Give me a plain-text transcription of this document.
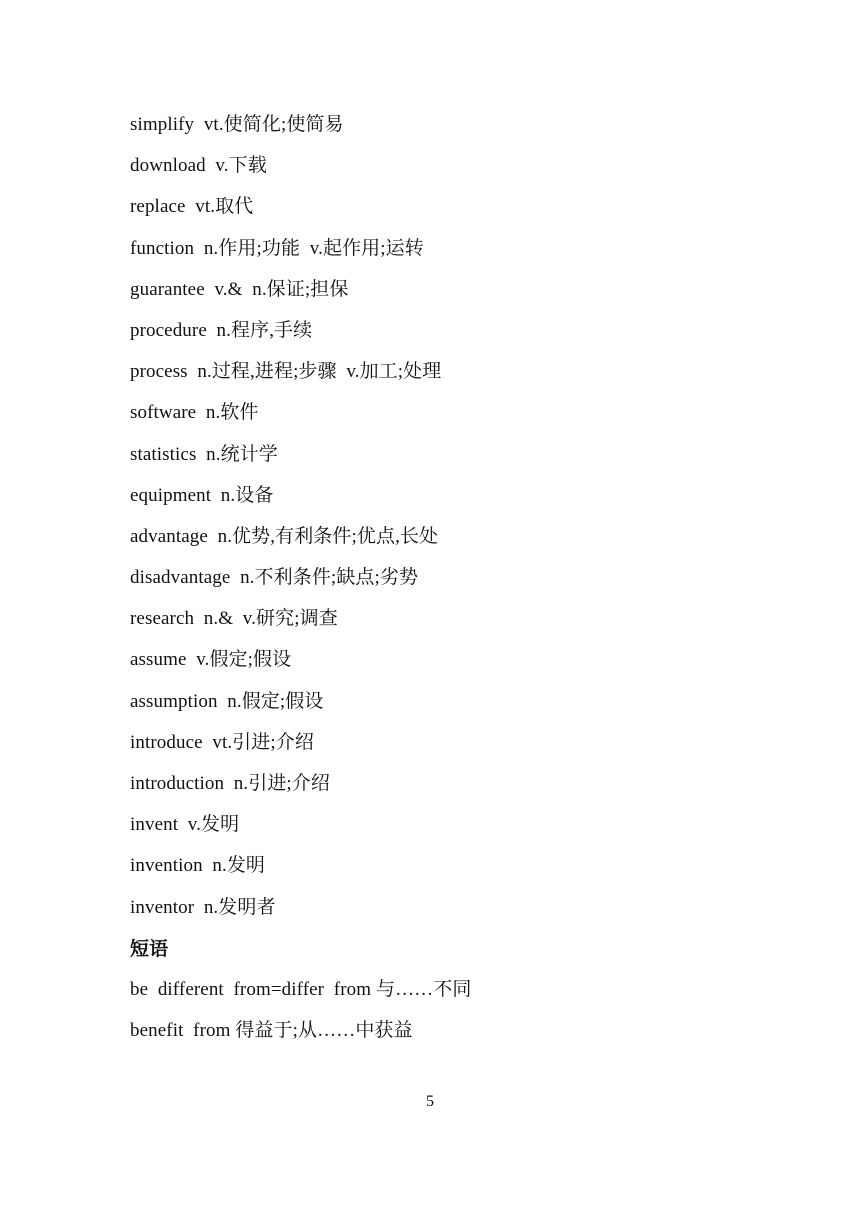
simplify  vt.使简化;使简易
download  v.下载
replace  vt.取代
function  n.作用;功能  v.起作用;运转
guarantee  v.&  n.保证;担保
procedure  n.程序,手续
process  n.过程,进程;步骤  v.加工;处理
software  n.软件
statistics  n.统计学
equipment  n.设备
advantage  n.优势,有利条件;优点,长处
disadvantage  n.不利条件;缺点;劣势
research  n.&  v.研究;调查
assume  v.假定;假设
assumption  n.假定;假设
introduce  vt.引进;介绍
introduction  n.引进;介绍
invent  v.发明
invention  n.发明
inventor  n.发明者
短语
be  different  from=differ  from 与……不同
benefit  from 得益于;从……中获益
5
